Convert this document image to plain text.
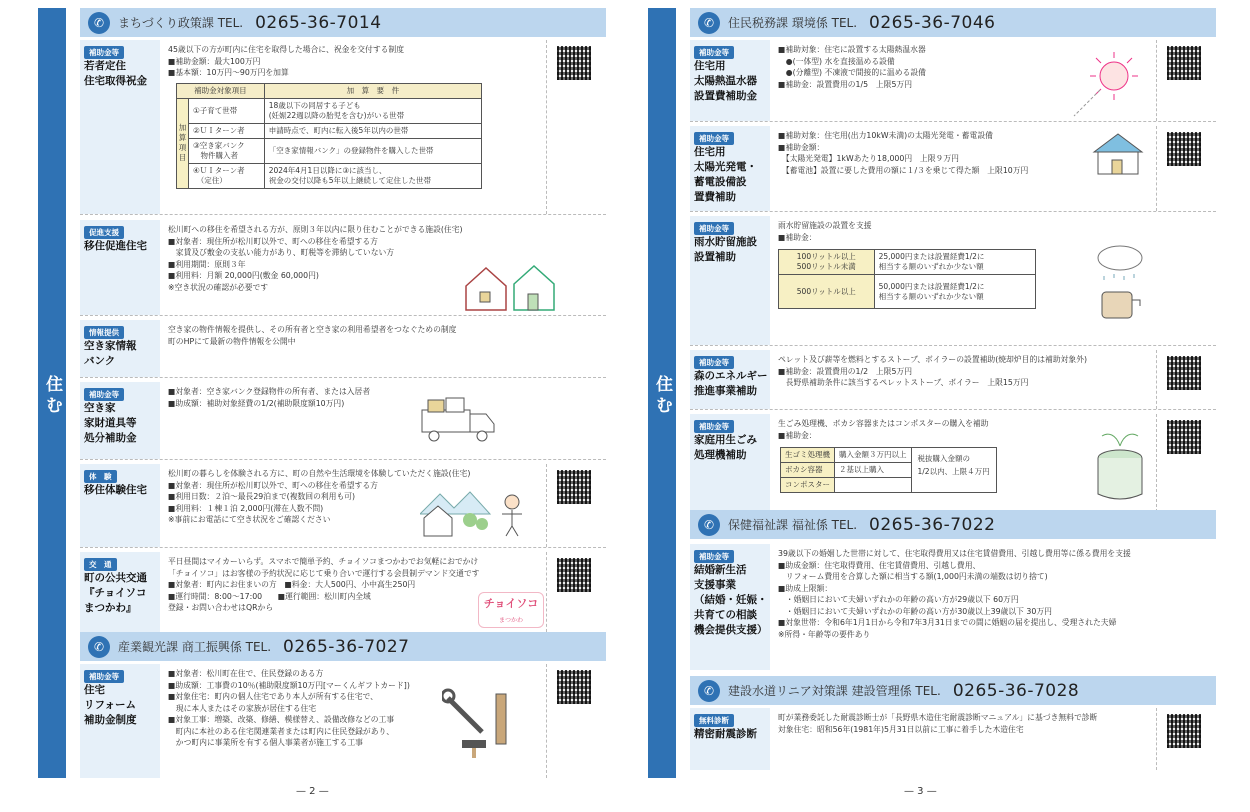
住む
✆	まちづくり政策課 TEL. 0265-36-7014
補助金等
若者定住
住宅取得祝金

45歳以下の方が町内に住宅を取得した場合に、祝金を交付する制度

■補助金額：最大100万円

■基本額：10万円～90万円を加算

補助金対象項目		加　算　要　件
加
算
項
目	①子育て世帯	18歳以下の同居する子ども
(妊娠22週以降の胎児を含む)がいる世帯
	②ＵＩターン者	申請時点で、町内に転入後5年以内の世帯
	③空き家バンク
　物件購入者	「空き家情報バンク」の登録物件を購入した世帯
	④ＵＩターン者
　（定住）	2024年4月1日以降に③に該当し、
祝金の交付以降も5年以上継続して定住した世帯
促進支援
移住促進住宅

松川町への移住を希望される方が、原則３年以内に限り住むことができる施設(住宅)

■対象者：現住所が松川町以外で、町への移住を希望する方

　家賃及び敷金の支払い能力があり、町税等を滞納していない方

■利用期間：原則３年

■利用料：月額 20,000円(敷金 60,000円)

※空き状況の確認が必要です

情報提供
空き家情報
バンク

空き家の物件情報を提供し、その所有者と空き家の利用希望者をつなぐための制度

町のHPにて最新の物件情報を公開中

補助金等
空き家
家財道具等
処分補助金

■対象者：空き家バンク登録物件の所有者、または入居者

■助成額：補助対象経費の1/2(補助限度額10万円)

体　験
移住体験住宅

松川町の暮らしを体験される方に、町の自然や生活環境を体験していただく施設(住宅)

■対象者：現住所が松川町以外で、町への移住を希望する方

■利用日数：２泊～最長29泊まで(複数回の利用も可)

■利用料：１棟１泊 2,000円(滞在人数不問)

※事前にお電話にて空き状況をご確認ください

交　通
町の公共交通
『チョイソコ
まつかわ』

平日昼間はマイカーいらず。スマホで簡単予約、チョイソコまつかわでお気軽におでかけ

「チョイソコ」はお客様の予約状況に応じて乗り合いで運行する会員制デマンド交通です

■対象者：町内にお住まいの方　■料金：大人500円、小中高生250円

■運行時間：8:00～17:00　　■運行範囲：松川町内全域

登録・お問い合わせはQRから	チョイソコ
まつかわ
✆	産業観光課 商工振興係 TEL. 0265-36-7027
補助金等
住宅
リフォーム
補助金制度

■対象者：松川町在住で、住民登録のある方

■助成額：工事費の10％(補助限度額10万円[マーくんギフトカード])

■対象住宅：町内の個人住宅であり本人が所有する住宅で、

　現に本人またはその家族が居住する住宅

■対象工事：増築、改築、修繕、模様替え、設備改修などの工事

　町内に本社のある住宅関連業者または町内に住民登録があり、

　かつ町内に事業所を有する個人事業者が施工する工事

— 2 —
住む
✆	住民税務課 環境係 TEL. 0265-36-7046
補助金等
住宅用
太陽熱温水器
設置費補助金

■補助対象：住宅に設置する太陽熱温水器

　●(一体型) 水を直接温める設備

　●(分離型) 不凍液で間接的に温める設備

■補助金：設置費用の1/5　上限5万円

補助金等
住宅用
太陽光発電・
蓄電設備設
置費補助

■補助対象：住宅用(出力10kW未満)の太陽光発電・蓄電設備

■補助金額：

　【太陽光発電】1kWあたり18,000円　上限９万円

　【蓄電池】設置に要した費用の額に１/３を乗じて得た額　上限10万円

補助金等
雨水貯留施設
設置補助

雨水貯留施設の設置を支援

■補助金：

100リットル以上
500リットル未満	25,000円または設置経費1/2に
相当する額のいずれか少ない額
500リットル以上	50,000円または設置経費1/2に
相当する額のいずれか少ない額
補助金等
森のエネルギー
推進事業補助

ペレット及び薪等を燃料とするストーブ、ボイラーの設置補助(焼却炉目的は補助対象外)

■補助金：設置費用の1/2　上限5万円

　長野県補助条件に該当するペレットストーブ、ボイラー　上限15万円

補助金等
家庭用生ごみ
処理機補助

生ごみ処理機、ボカシ容器またはコンポスターの購入を補助

■補助金：

生ゴミ処理機	購入金額３万円以上
ボカシ容器	２基以上購入
コンポスター	
税抜購入金額の
1/2以内、上限４万円
✆	保健福祉課 福祉係 TEL. 0265-36-7022
補助金等
結婚新生活
支援事業
（結婚・妊娠・
共育ての相談
機会提供支援）

39歳以下の婚姻した世帯に対して、住宅取得費用又は住宅賃借費用、引越し費用等に係る費用を支援

■助成金額：住宅取得費用、住宅賃借費用、引越し費用、

　リフォーム費用を合算した額に相当する額(1,000円未満の端数は切り捨て)

■助成上限額：

　・婚姻日において夫婦いずれかの年齢の高い方が29歳以下 60万円

　・婚姻日において夫婦いずれかの年齢の高い方が30歳以上39歳以下 30万円

■対象世帯：令和6年1月1日から令和7年3月31日までの間に婚姻の届を提出し、受理された夫婦

※所得・年齢等の要件あり

✆	建設水道リニア対策課 建設管理係 TEL. 0265-36-7028
無料診断
精密耐震診断

町が業務委託した耐震診断士が「長野県木造住宅耐震診断マニュアル」に基づき無料で診断

対象住宅：昭和56年(1981年)5月31日以前に工事に着手した木造住宅

— 3 —
